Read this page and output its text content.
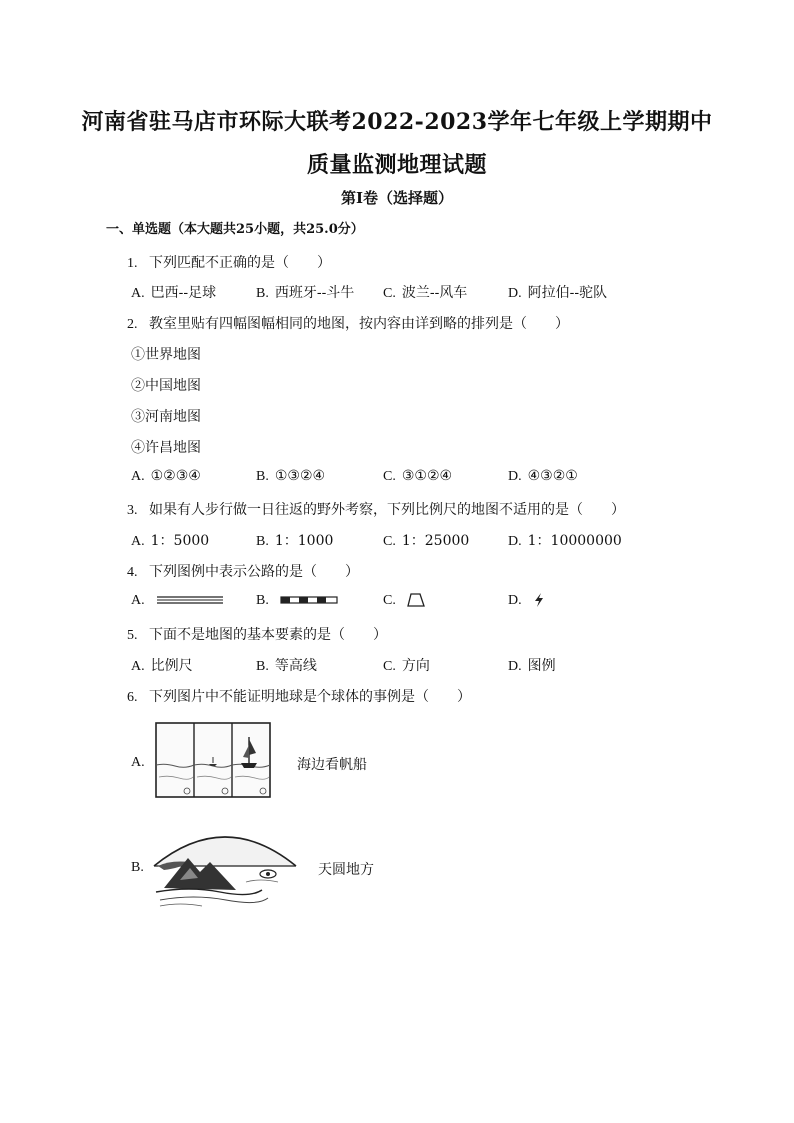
河南省驻马店市环际大联考2022-2023学年七年级上学期期中
质量监测地理试题
第I卷（选择题）
一、单选题（本大题共25小题，共25.0分）
1. 下列匹配不正确的是（　　）
A. 巴西--足球	B. 西班牙--斗牛 C. 波兰--风车	D. 阿拉伯--驼队
2. 教室里贴有四幅图幅相同的地图，按内容由详到略的排列是（　　）
①世界地图
②中国地图
③河南地图
④许昌地图
A. ①②③④	B. ①③②④	C. ③①②④	D. ④③②①
3. 如果有人步行做一日往返的野外考察，下列比例尺的地图不适用的是（　　）
A. 1：5000	B. 1：1000	C. 1：25000	D. 1：10000000
4. 下列图例中表示公路的是（　　）
A.	B.	C.	D.
5. 下面不是地图的基本要素的是（　　）
A. 比例尺	B. 等高线	C. 方向	D. 图例
6. 下列图片中不能证明地球是个球体的事例是（　　）
A.	海边看帆船
B.	天圆地方
